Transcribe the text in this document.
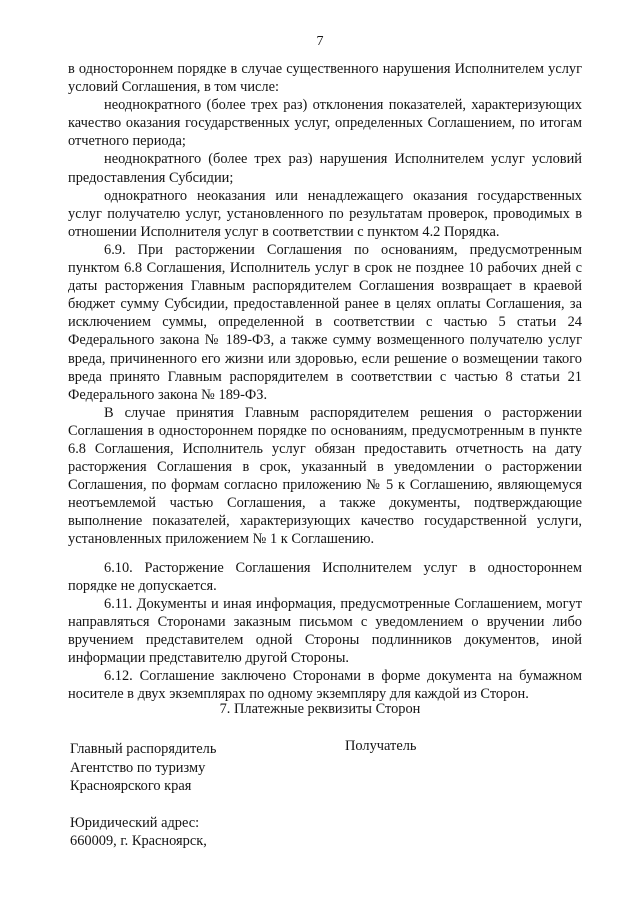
7

в одностороннем порядке в случае существенного нарушения Исполнителем услуг условий Соглашения, в том числе:

неоднократного (более трех раз) отклонения показателей, характеризующих качество оказания государственных услуг, определенных Соглашением, по итогам отчетного периода;

неоднократного (более трех раз) нарушения Исполнителем услуг условий предоставления Субсидии;

однократного неоказания или ненадлежащего оказания государственных услуг получателю услуг, установленного по результатам проверок, проводимых в отношении Исполнителя услуг в соответствии с пунктом 4.2 Порядка.

6.9. При расторжении Соглашения по основаниям, предусмотренным пунктом 6.8 Соглашения, Исполнитель услуг в срок не позднее 10 рабочих дней с даты расторжения Главным распорядителем Соглашения возвращает в краевой бюджет сумму Субсидии, предоставленной ранее в целях оплаты Соглашения, за исключением суммы, определенной в соответствии с частью 5 статьи 24 Федерального закона № 189-ФЗ, а также сумму возмещенного получателю услуг вреда, причиненного его жизни или здоровью, если решение о возмещении такого вреда принято Главным распорядителем в соответствии с частью 8 статьи 21 Федерального закона № 189-ФЗ.

В случае принятия Главным распорядителем решения о расторжении Соглашения в одностороннем порядке по основаниям, предусмотренным в пункте 6.8 Соглашения, Исполнитель услуг обязан предоставить отчетность на дату расторжения Соглашения в срок, указанный в уведомлении о расторжении Соглашения, по формам согласно приложению № 5 к Соглашению, являющемуся неотъемлемой частью Соглашения, а также документы, подтверждающие выполнение показателей, характеризующих качество государственной услуги, установленных приложением № 1 к Соглашению.

6.10. Расторжение Соглашения Исполнителем услуг в одностороннем порядке не допускается.

6.11. Документы и иная информация, предусмотренные Соглашением, могут направляться Сторонами заказным письмом с уведомлением о вручении либо вручением представителем одной Стороны подлинников документов, иной информации представителю другой Стороны.

6.12. Соглашение заключено Сторонами в форме документа на бумажном носителе в двух экземплярах по одному экземпляру для каждой из Сторон.

7. Платежные реквизиты Сторон
Главный распорядитель
Агентство по туризму
Красноярского края
Юридический адрес:
660009, г. Красноярск,
Получатель
